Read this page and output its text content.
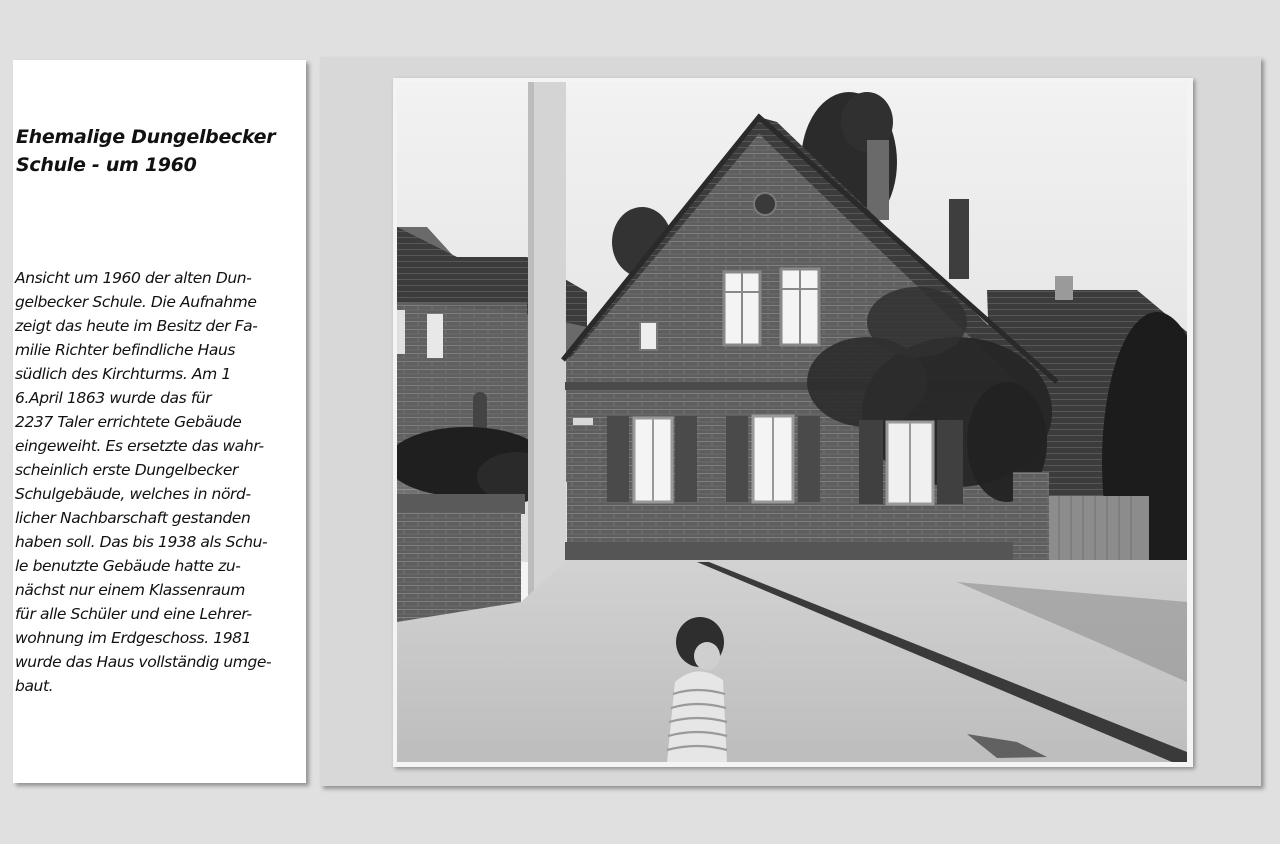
Ehemalige Dungelbecker
Schule - um 1960
Ansicht um 1960 der alten Dun-
gelbecker Schule. Die Aufnahme
zeigt das heute im Besitz der Fa-
milie Richter befindliche Haus
südlich des Kirchturms. Am 1
6.April 1863 wurde das für
2237 Taler errichtete Gebäude
eingeweiht. Es ersetzte das wahr-
scheinlich erste Dungelbecker
Schulgebäude, welches in nörd-
licher Nachbarschaft gestanden
haben soll. Das bis 1938 als Schu-
le benutzte Gebäude hatte zu-
nächst nur einem Klassenraum
für alle Schüler und eine Lehrer-
wohnung im Erdgeschoss. 1981
wurde das Haus vollständig umge-
baut.
